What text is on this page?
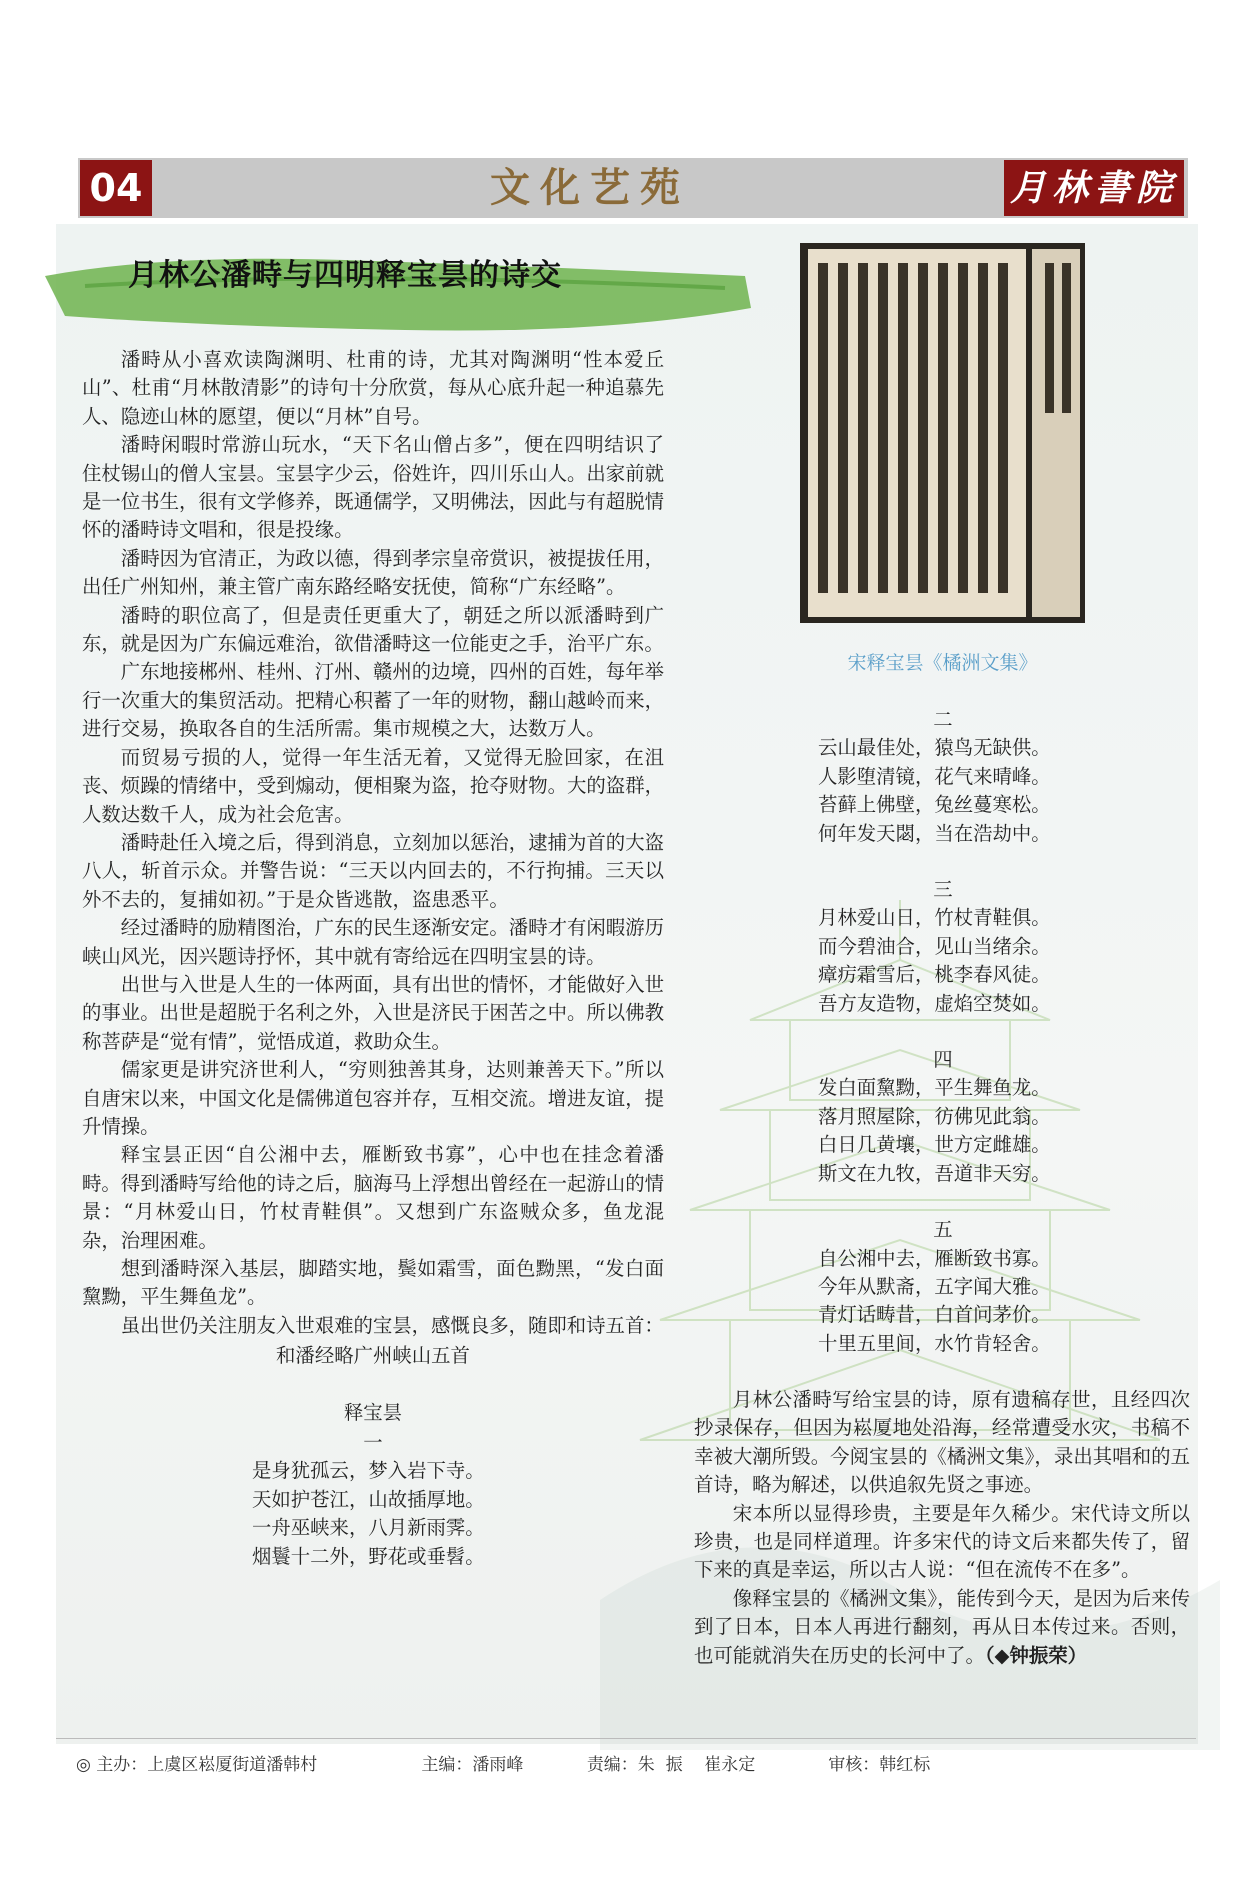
04	文化艺苑	月林書院
月林公潘畤与四明释宝昙的诗交

潘畤从小喜欢读陶渊明、杜甫的诗，尤其对陶渊明“性本爱丘山”、杜甫“月林散清影”的诗句十分欣赏，每从心底升起一种追慕先人、隐迹山林的愿望，便以“月林”自号。

潘畤闲暇时常游山玩水，“天下名山僧占多”，便在四明结识了住杖锡山的僧人宝昙。宝昙字少云，俗姓许，四川乐山人。出家前就是一位书生，很有文学修养，既通儒学，又明佛法，因此与有超脱情怀的潘畤诗文唱和，很是投缘。

潘畤因为官清正，为政以德，得到孝宗皇帝赏识，被提拔任用，出任广州知州，兼主管广南东路经略安抚使，简称“广东经略”。

潘畤的职位高了，但是责任更重大了，朝廷之所以派潘畤到广东，就是因为广东偏远难治，欲借潘畤这一位能吏之手，治平广东。

广东地接郴州、桂州、汀州、赣州的边境，四州的百姓，每年举行一次重大的集贸活动。把精心积蓄了一年的财物，翻山越岭而来，进行交易，换取各自的生活所需。集市规模之大，达数万人。

而贸易亏损的人，觉得一年生活无着，又觉得无脸回家，在沮丧、烦躁的情绪中，受到煽动，便相聚为盗，抢夺财物。大的盗群，人数达数千人，成为社会危害。

潘畤赴任入境之后，得到消息，立刻加以惩治，逮捕为首的大盗八人，斩首示众。并警告说：“三天以内回去的，不行拘捕。三天以外不去的，复捕如初。”于是众皆逃散，盗患悉平。

经过潘畤的励精图治，广东的民生逐渐安定。潘畤才有闲暇游历峡山风光，因兴题诗抒怀，其中就有寄给远在四明宝昙的诗。

出世与入世是人生的一体两面，具有出世的情怀，才能做好入世的事业。出世是超脱于名利之外，入世是济民于困苦之中。所以佛教称菩萨是“觉有情”，觉悟成道，救助众生。

儒家更是讲究济世利人，“穷则独善其身，达则兼善天下。”所以自唐宋以来，中国文化是儒佛道包容并存，互相交流。增进友谊，提升情操。

释宝昙正因“自公湘中去，雁断致书寡”，心中也在挂念着潘畤。得到潘畤写给他的诗之后，脑海马上浮想出曾经在一起游山的情景：“月林爱山日，竹杖青鞋俱”。又想到广东盗贼众多，鱼龙混杂，治理困难。

想到潘畤深入基层，脚踏实地，鬓如霜雪，面色黝黑，“发白面黧黝，平生舞鱼龙”。

虽出世仍关注朋友入世艰难的宝昙，感慨良多，随即和诗五首：

和潘经略广州峡山五首
释宝昙
一
是身犹孤云，梦入岩下寺。
天如护苍江，山故插厚地。
一舟巫峡来，八月新雨霁。
烟鬟十二外，野花或垂髫。
宋释宝昙《橘洲文集》
二
云山最佳处，猿鸟无缺供。
人影堕清镜，花气来晴峰。
苔藓上佛壁，兔丝蔓寒松。
何年发天閟，当在浩劫中。
三
月林爱山日，竹杖青鞋俱。
而今碧油合，见山当绪余。
瘴疠霜雪后，桃李春风徒。
吾方友造物，虚焰空焚如。
四
发白面黧黝，平生舞鱼龙。
落月照屋除，彷佛见此翁。
白日几黄壤，世方定雌雄。
斯文在九牧，吾道非天穷。
五
自公湘中去，雁断致书寡。
今年从默斋，五字闻大雅。
青灯话畴昔，白首问茅价。
十里五里间，水竹肯轻舍。

月林公潘畤写给宝昙的诗，原有遗稿存世，且经四次抄录保存，但因为崧厦地处沿海，经常遭受水灾，书稿不幸被大潮所毁。今阅宝昙的《橘洲文集》，录出其唱和的五首诗，略为解述，以供追叙先贤之事迹。

宋本所以显得珍贵，主要是年久稀少。宋代诗文所以珍贵，也是同样道理。许多宋代的诗文后来都失传了，留下来的真是幸运，所以古人说：“但在流传不在多”。

像释宝昙的《橘洲文集》，能传到今天，是因为后来传到了日本，日本人再进行翻刻，再从日本传过来。否则，也可能就消失在历史的长河中了。（◆钟振荣）

◎ 主办：上虞区崧厦街道潘韩村	主编：潘雨峰	责编：朱  振    崔永定	审核：韩红标
